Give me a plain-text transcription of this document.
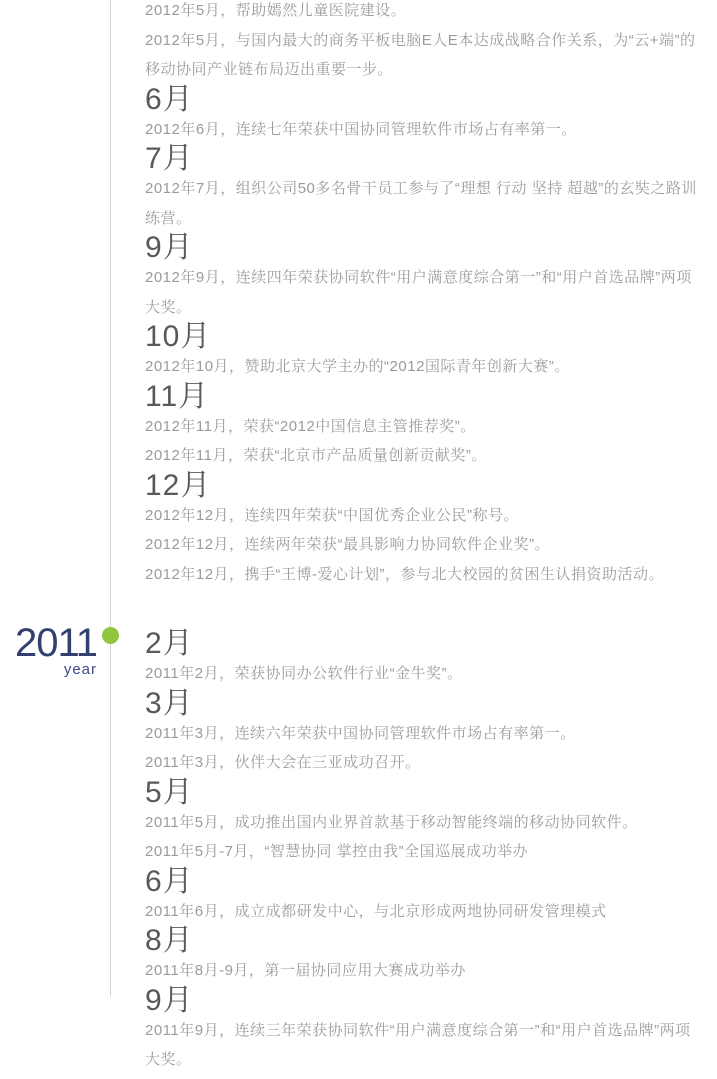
2012年5月，帮助嫣然儿童医院建设。

2012年5月，与国内最大的商务平板电脑E人E本达成战略合作关系，为“云+端”的移动协同产业链布局迈出重要一步。

6月

2012年6月，连续七年荣获中国协同管理软件市场占有率第一。

7月

2012年7月，组织公司50多名骨干员工参与了“理想 行动 坚持 超越”的玄奘之路训练营。

9月

2012年9月，连续四年荣获协同软件“用户满意度综合第一”和“用户首选品牌”两项大奖。

10月

2012年10月，赞助北京大学主办的“2012国际青年创新大赛”。

11月

2012年11月，荣获“2012中国信息主管推荐奖”。

2012年11月，荣获“北京市产品质量创新贡献奖”。

12月

2012年12月，连续四年荣获“中国优秀企业公民”称号。

2012年12月，连续两年荣获“最具影响力协同软件企业奖”。

2012年12月，携手“王博-爱心计划”，参与北大校园的贫困生认捐资助活动。

2011
year
2月

2011年2月，荣获协同办公软件行业“金牛奖”。

3月

2011年3月，连续六年荣获中国协同管理软件市场占有率第一。

2011年3月，伙伴大会在三亚成功召开。

5月

2011年5月，成功推出国内业界首款基于移动智能终端的移动协同软件。

2011年5月-7月，“智慧协同 掌控由我”全国巡展成功举办

6月

2011年6月，成立成都研发中心，与北京形成两地协同研发管理模式

8月

2011年8月-9月，第一届协同应用大赛成功举办

9月

2011年9月，连续三年荣获协同软件“用户满意度综合第一”和“用户首选品牌”两项大奖。
